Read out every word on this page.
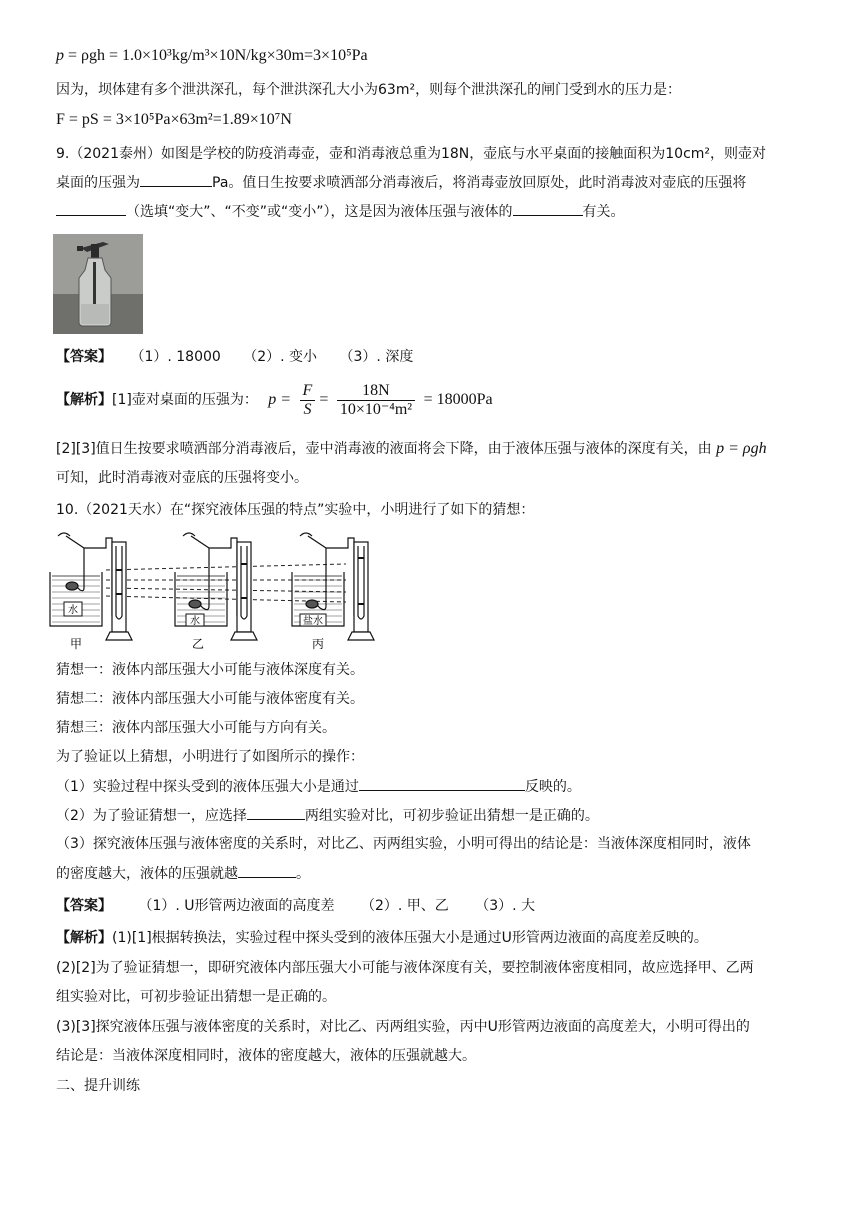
p = ρgh = 1.0×10³kg/m³×10N/kg×30m=3×10⁵Pa
因为，坝体建有多个泄洪深孔，每个泄洪深孔大小为63m²，则每个泄洪深孔的闸门受到水的压力是：
F = pS = 3×10⁵Pa×63m²=1.89×10⁷N
9.（2021泰州）如图是学校的防疫消毒壶，壶和消毒液总重为18N，壶底与水平桌面的接触面积为10cm²，则壶对
桌面的压强为	Pa。值日生按要求喷洒部分消毒液后，将消毒壶放回原处，此时消毒波对壶底的压强将
（选填“变大”、“不变”或“变小”），这是因为液体压强与液体的	有关。
【答案】 （1）. 18000 （2）. 变小 （3）. 深度
【解析】[1]壶对桌面的压强为： $p = \frac{F}{S} = \frac{18N}{\text{10×10⁻⁴m²}} = 18000Pa$
[2][3]值日生按要求喷洒部分消毒液后，壶中消毒液的液面将会下降，由于液体压强与液体的深度有关，由 p = ρgh
可知，此时消毒液对壶底的压强将变小。
10.（2021天水）在“探究液体压强的特点”实验中，小明进行了如下的猜想：
水
甲
水
乙
盐水
丙
猜想一：液体内部压强大小可能与液体深度有关。
猜想二：液体内部压强大小可能与液体密度有关。
猜想三：液体内部压强大小可能与方向有关。
为了验证以上猜想，小明进行了如图所示的操作：
（1）实验过程中探头受到的液体压强大小是通过	反映的。
（2）为了验证猜想一，应选择	两组实验对比，可初步验证出猜想一是正确的。
（3）探究液体压强与液体密度的关系时，对比乙、丙两组实验，小明可得出的结论是：当液体深度相同时，液体
的密度越大，液体的压强就越	。
【答案】 （1）. U形管两边液面的高度差 （2）. 甲、乙 （3）. 大
【解析】(1)[1]根据转换法，实验过程中探头受到的液体压强大小是通过U形管两边液面的高度差反映的。
(2)[2]为了验证猜想一，即研究液体内部压强大小可能与液体深度有关，要控制液体密度相同，故应选择甲、乙两
组实验对比，可初步验证出猜想一是正确的。
(3)[3]探究液体压强与液体密度的关系时，对比乙、丙两组实验，丙中U形管两边液面的高度差大，小明可得出的
结论是：当液体深度相同时，液体的密度越大，液体的压强就越大。
二、提升训练
